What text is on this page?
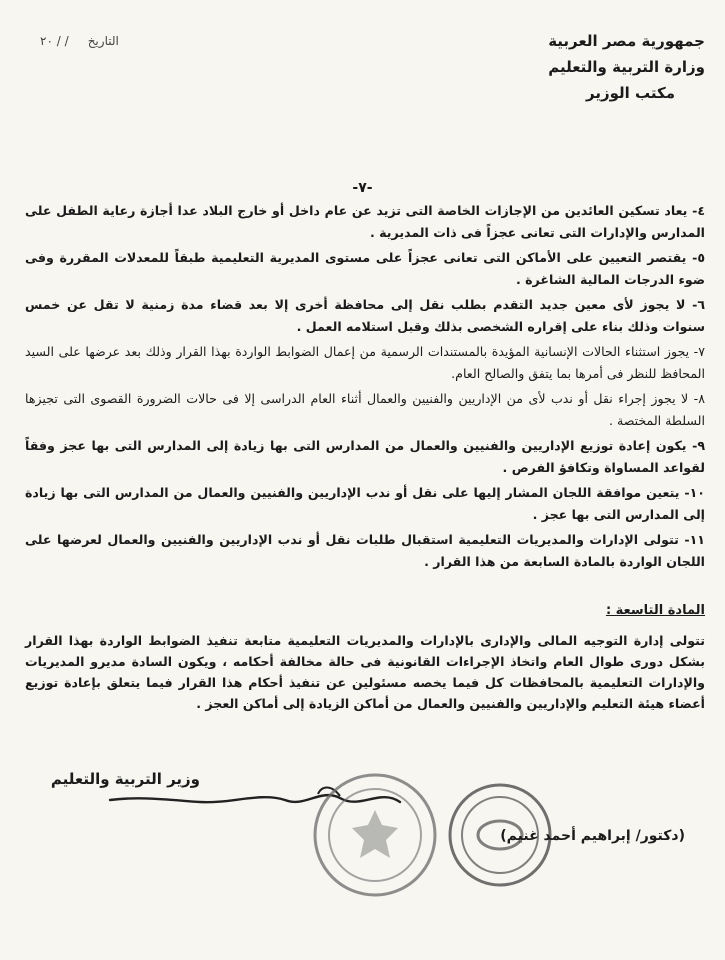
جمهورية مصر العربية
وزارة التربية والتعليم
مكتب الوزير
التاريخ     / / ٢٠
-٧-
٤- يعاد تسكين العائدين من الإجازات الخاصة التى تزيد عن عام داخل أو خارج البلاد عدا أجازة رعاية الطفل على المدارس والإدارات التى تعانى عجزاً فى ذات المديرية .
٥- يقتصر التعيين على الأماكن التى تعانى عجزاً على مستوى المديرية التعليمية طبقاً للمعدلات المقررة وفى ضوء الدرجات المالية الشاغرة .
٦- لا يجوز لأى معين جديد التقدم بطلب نقل إلى محافظة أخرى إلا بعد قضاء مدة زمنية لا تقل عن خمس سنوات وذلك بناء على إقراره الشخصى بذلك وقبل استلامه العمل .
٧- يجوز استثناء الحالات الإنسانية المؤيدة بالمستندات الرسمية من إعمال الضوابط الواردة بهذا القرار وذلك بعد عرضها على السيد المحافظ للنظر فى أمرها بما يتفق والصالح العام.
٨- لا يجوز إجراء نقل أو ندب لأى من الإداريين والفنيين والعمال أثناء العام الدراسى إلا فى حالات الضرورة القصوى التى تجيزها السلطة المختصة .
٩- يكون إعادة توزيع الإداريين والفنيين والعمال من المدارس التى بها زيادة إلى المدارس التى بها عجز وفقاً لقواعد المساواة وتكافؤ الفرص .
١٠- يتعين موافقة اللجان المشار إليها على نقل أو ندب الإداريين والفنيين والعمال من المدارس التى بها زيادة إلى المدارس التى بها عجز .
١١- تتولى الإدارات والمديريات التعليمية استقبال طلبات نقل أو ندب الإداريين والفنيين والعمال لعرضها على اللجان الواردة بالمادة السابعة من هذا القرار .
المادة التاسعة :
تتولى إدارة التوجيه المالى والإدارى بالإدارات والمديريات التعليمية متابعة تنفيذ الضوابط الواردة بهذا القرار بشكل دورى طوال العام واتخاذ الإجراءات القانونية فى حالة مخالفة أحكامه ، ويكون السادة مديرو المديريات والإدارات التعليمية بالمحافظات كل فيما يخصه مسئولين عن تنفيذ أحكام هذا القرار فيما يتعلق بإعادة توزيع أعضاء هيئة التعليم والإداريين والفنيين والعمال من أماكن الزيادة إلى أماكن العجز .
وزير التربية والتعليم
(دكتور/ إبراهيم أحمد غنيم)
